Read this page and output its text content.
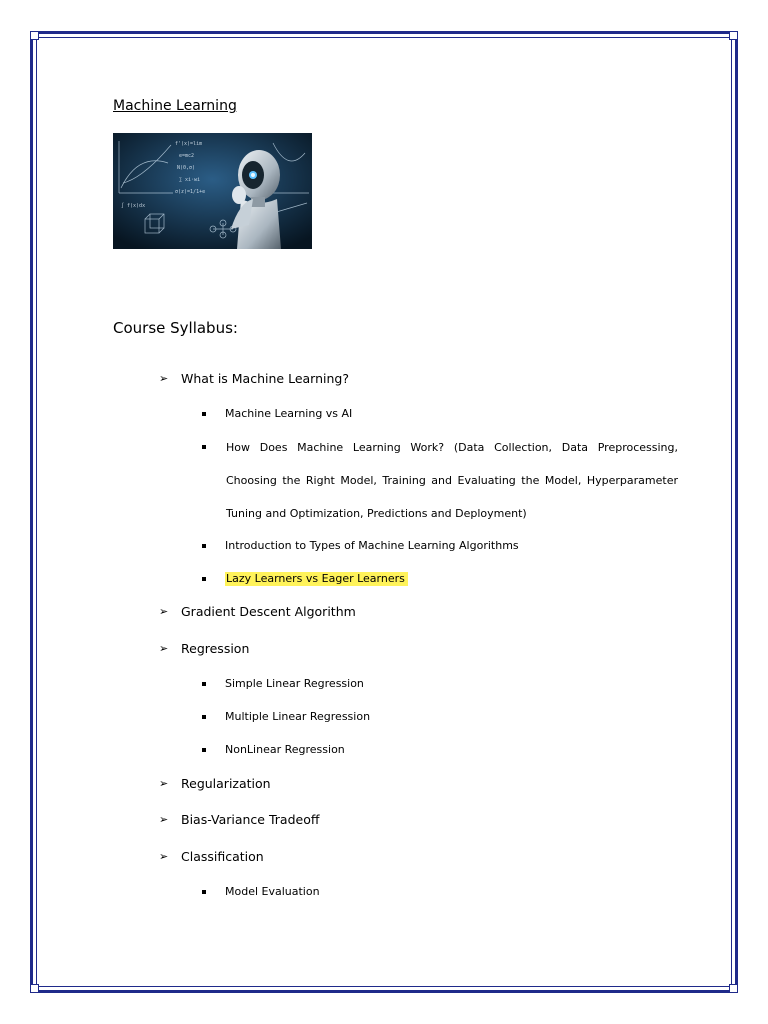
Machine Learning
f'(x)=lim
e=mc2
N(0,σ)
∑ xi·wi
σ(z)=1/1+e
∫ f(x)dx
Course Syllabus:
➢	What is Machine Learning?
Machine Learning vs AI
How Does Machine Learning Work? (Data Collection, Data Preprocessing, Choosing the Right Model, Training and Evaluating the Model, Hyperparameter Tuning and Optimization, Predictions and Deployment)
Introduction to Types of Machine Learning Algorithms
Lazy Learners vs Eager Learners
➢	Gradient Descent Algorithm
➢	Regression
Simple Linear Regression
Multiple Linear Regression
NonLinear Regression
➢	Regularization
➢	Bias-Variance Tradeoff
➢	Classification
Model Evaluation
